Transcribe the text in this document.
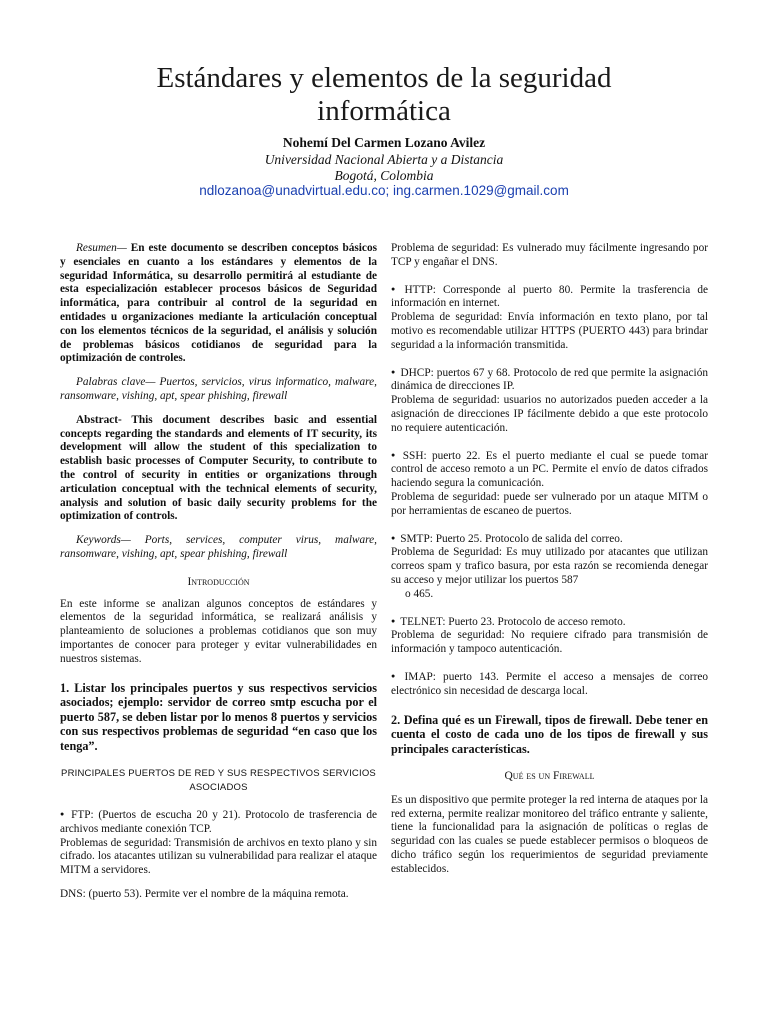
Estándares y elementos de la seguridad informática
Nohemí Del Carmen Lozano Avilez
Universidad Nacional Abierta y a Distancia
Bogotá, Colombia
ndlozanoa@unadvirtual.edu.co; ing.carmen.1029@gmail.com

Resumen— En este documento se describen conceptos básicos y esenciales en cuanto a los estándares y elementos de la seguridad Informática, su desarrollo permitirá al estudiante de esta especialización establecer procesos básicos de Seguridad informática, para contribuir al control de la seguridad en entidades u organizaciones mediante la articulación conceptual con los elementos técnicos de la seguridad, el análisis y solución de problemas básicos cotidianos de seguridad para la optimización de controles.

Palabras clave— Puertos, servicios, virus informatico, malware, ransomware, vishing, apt, spear phishing, firewall

Abstract- This document describes basic and essential concepts regarding the standards and elements of IT security, its development will allow the student of this specialization to establish basic processes of Computer Security, to contribute to the control of security in entities or organizations through articulation conceptual with the technical elements of security, analysis and solution of basic daily security problems for the optimization of controls.

Keywords— Ports, services, computer virus, malware, ransomware, vishing, apt, spear phishing, firewall

Introducción

En este informe se analizan algunos conceptos de estándares y elementos de la seguridad informática, se realizará análisis y planteamiento de soluciones a problemas cotidianos que son muy importantes de conocer para proteger y evitar vulnerabilidades en nuestros sistemas.

1. Listar los principales puertos y sus respectivos servicios asociados; ejemplo: servidor de correo smtp escucha por el puerto 587, se deben listar por lo menos 8 puertos y servicios con sus respectivos problemas de seguridad “en caso que los tenga”.

PRINCIPALES PUERTOS DE RED Y SUS RESPECTIVOS SERVICIOS ASOCIADOS

● FTP: (Puertos de escucha 20 y 21). Protocolo de trasferencia de archivos mediante conexión TCP.

Problemas de seguridad: Transmisión de archivos en texto plano y sin cifrado. los atacantes utilizan su vulnerabilidad para realizar el ataque MITM a servidores.

DNS: (puerto 53). Permite ver el nombre de la máquina remota.

Problema de seguridad: Es vulnerado muy fácilmente ingresando por TCP y engañar el DNS.

● HTTP: Corresponde al puerto 80. Permite la trasferencia de información en internet.

Problema de seguridad: Envía información en texto plano, por tal motivo es recomendable utilizar HTTPS (PUERTO 443) para brindar seguridad a la información transmitida.

● DHCP: puertos 67 y 68. Protocolo de red que permite la asignación dinámica de direcciones IP.

Problema de seguridad: usuarios no autorizados pueden acceder a la asignación de direcciones IP fácilmente debido a que este protocolo no requiere autenticación.

● SSH: puerto 22. Es el puerto mediante el cual se puede tomar control de acceso remoto a un PC. Permite el envío de datos cifrados haciendo segura la comunicación.

Problema de seguridad: puede ser vulnerado por un ataque MITM o por herramientas de escaneo de puertos.

● SMTP: Puerto 25. Protocolo de salida del correo.

Problema de Seguridad: Es muy utilizado por atacantes que utilizan correos spam y trafico basura, por esta razón se recomienda denegar su acceso y mejor utilizar los puertos 587

o 465.

● TELNET: Puerto 23. Protocolo de acceso remoto.

Problema de seguridad: No requiere cifrado para transmisión de información y tampoco autenticación.

● IMAP: puerto 143. Permite el acceso a mensajes de correo electrónico sin necesidad de descarga local.

2. Defina qué es un Firewall, tipos de firewall. Debe tener en cuenta el costo de cada uno de los tipos de firewall y sus principales características.

Qué es un Firewall

Es un dispositivo que permite proteger la red interna de ataques por la red externa, permite realizar monitoreo del tráfico entrante y saliente, tiene la funcionalidad para la asignación de políticas o reglas de seguridad con las cuales se puede establecer permisos o bloqueos de dicho tráfico según los requerimientos de seguridad previamente establecidos.
